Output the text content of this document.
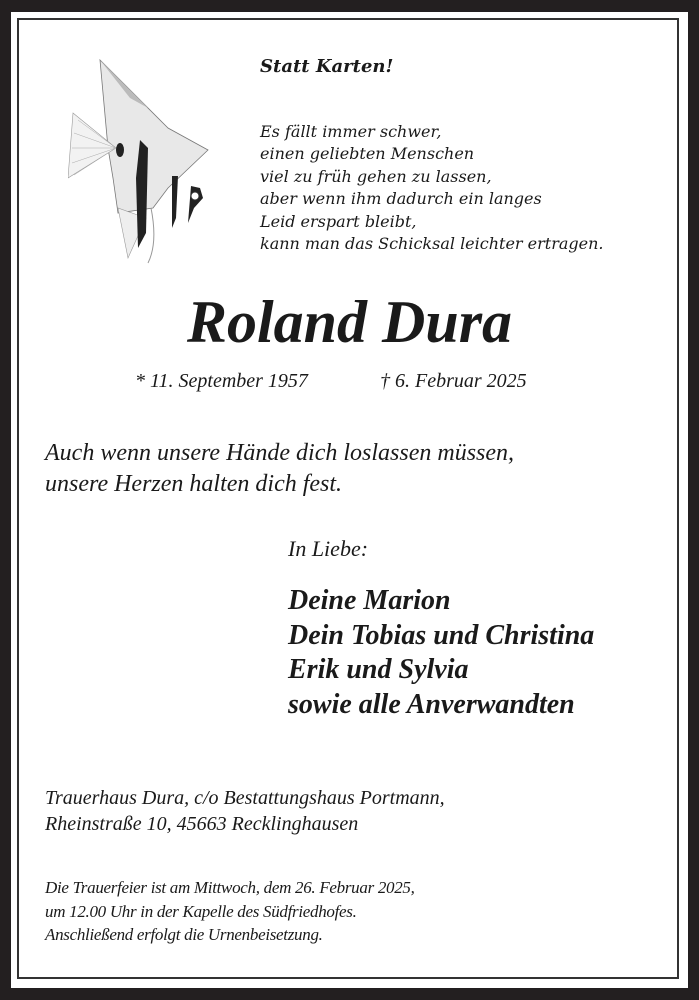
Statt Karten!
Es fällt immer schwer,
einen geliebten Menschen
viel zu früh gehen zu lassen,
aber wenn ihm dadurch ein langes
Leid erspart bleibt,
kann man das Schicksal leichter ertragen.
Roland Dura
* 11. September 1957	† 6. Februar 2025
Auch wenn unsere Hände dich loslassen müssen,
unsere Herzen halten dich fest.
In Liebe:
Deine Marion
Dein Tobias und Christina
Erik und Sylvia
sowie alle Anverwandten
Trauerhaus Dura, c/o Bestattungshaus Portmann,
Rheinstraße 10, 45663 Recklinghausen
Die Trauerfeier ist am Mittwoch, dem 26. Februar 2025,
um 12.00 Uhr in der Kapelle des Südfriedhofes.
Anschließend erfolgt die Urnenbeisetzung.
